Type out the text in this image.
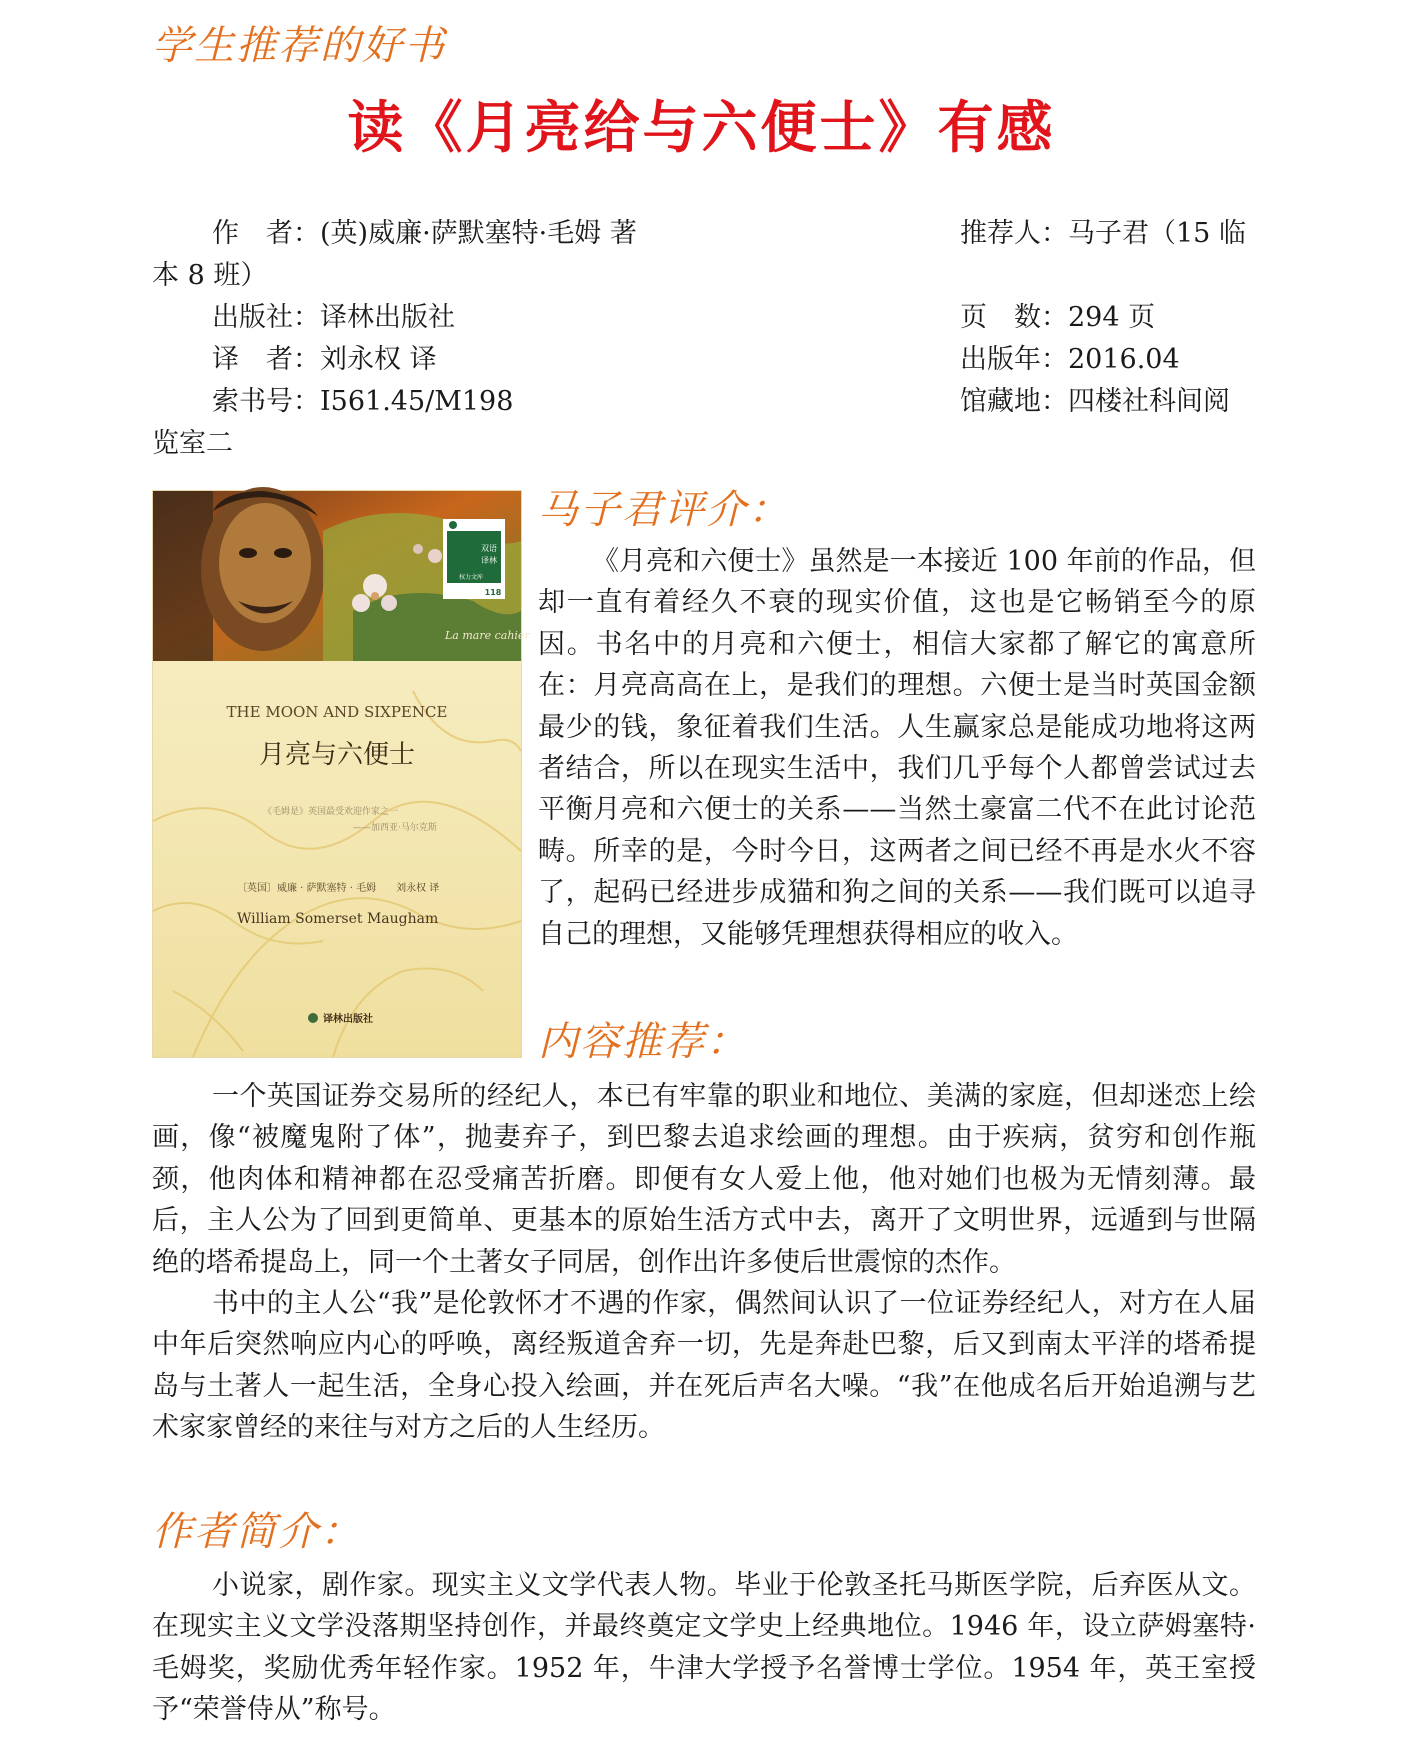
学生推荐的好书
读《月亮给与六便士》有感
作　者：(英)威廉·萨默塞特·毛姆 著	推荐人：马子君（15 临
本 8 班）
出版社：译林出版社	页　数：294 页
译　者：刘永权 译	出版年：2016.04
索书号：I561.45/M198	馆藏地：四楼社科间阅
览室二
La mare cahier
双语
译林
权力文库
118
THE MOON AND SIXPENCE
月亮与六便士
《毛姆是》英国最受欢迎作家之一
——加西亚·马尔克斯
〔英国〕威廉 · 萨默塞特 · 毛姆　　刘永权 译
William Somerset Maugham
译林出版社
马子君评介：

《月亮和六便士》虽然是一本接近 100 年前的作品，但却一直有着经久不衰的现实价值，这也是它畅销至今的原因。书名中的月亮和六便士，相信大家都了解它的寓意所在：月亮高高在上，是我们的理想。六便士是当时英国金额最少的钱，象征着我们生活。人生赢家总是能成功地将这两者结合，所以在现实生活中，我们几乎每个人都曾尝试过去平衡月亮和六便士的关系——当然土豪富二代不在此讨论范畴。所幸的是，今时今日，这两者之间已经不再是水火不容了，起码已经进步成猫和狗之间的关系——我们既可以追寻自己的理想，又能够凭理想获得相应的收入。

内容推荐：

一个英国证券交易所的经纪人，本已有牢靠的职业和地位、美满的家庭，但却迷恋上绘画，像“被魔鬼附了体”，抛妻弃子，到巴黎去追求绘画的理想。由于疾病，贫穷和创作瓶颈，他肉体和精神都在忍受痛苦折磨。即便有女人爱上他，他对她们也极为无情刻薄。最后，主人公为了回到更简单、更基本的原始生活方式中去，离开了文明世界，远遁到与世隔绝的塔希提岛上，同一个土著女子同居，创作出许多使后世震惊的杰作。

书中的主人公“我”是伦敦怀才不遇的作家，偶然间认识了一位证券经纪人，对方在人届中年后突然响应内心的呼唤，离经叛道舍弃一切，先是奔赴巴黎，后又到南太平洋的塔希提岛与土著人一起生活，全身心投入绘画，并在死后声名大噪。“我”在他成名后开始追溯与艺术家家曾经的来往与对方之后的人生经历。

作者简介：

小说家，剧作家。现实主义文学代表人物。毕业于伦敦圣托马斯医学院，后弃医从文。在现实主义文学没落期坚持创作，并最终奠定文学史上经典地位。1946 年，设立萨姆塞特·毛姆奖，奖励优秀年轻作家。1952 年，牛津大学授予名誉博士学位。1954 年，英王室授予“荣誉侍从”称号。
